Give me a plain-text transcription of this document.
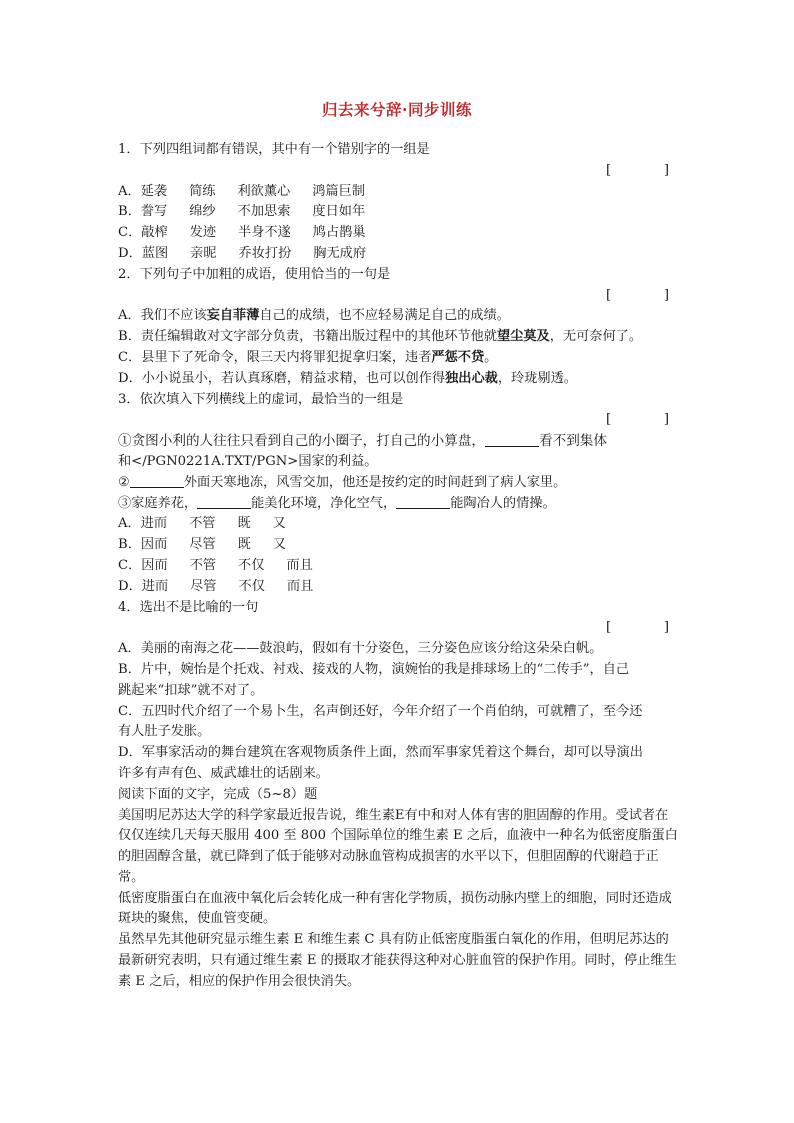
归去来兮辞·同步训练
1．下列四组词都有错误，其中有一个错别字的一组是
[　　　　]
A．延袭 简练 利欲薰心 鸿篇巨制
B．誊写 绵纱 不加思索 度日如年
C．敲榨 发迹 半身不遂 鸠占鹊巢
D．蓝图 亲昵 乔妆打扮 胸无成府
2．下列句子中加粗的成语，使用恰当的一句是
[　　　　]
A．我们不应该妄自菲薄自己的成绩，也不应轻易满足自己的成绩。
B．责任编辑敢对文字部分负责，书籍出版过程中的其他环节他就望尘莫及，无可奈何了。
C．县里下了死命令，限三天内将罪犯捉拿归案，违者严惩不贷。
D．小小说虽小，若认真琢磨，精益求精，也可以创作得独出心裁，玲珑剔透。
3．依次填入下列横线上的虚词，最恰当的一组是
[　　　　]
①贪图小利的人往往只看到自己的小圈子，打自己的小算盘，	看不到集体
和</PGN0221A.TXT/PGN>国家的利益。
②	外面天寒地冻，风雪交加，他还是按约定的时间赶到了病人家里。
③家庭养花，	能美化环境，净化空气，	能陶冶人的情操。
A．进而 不管 既 又
B．因而 尽管 既 又
C．因而 不管 不仅 而且
D．进而 尽管 不仅 而且
4．选出不是比喻的一句
[　　　　]
A．美丽的南海之花——鼓浪屿，假如有十分姿色，三分姿色应该分给这朵朵白帆。
B．片中，婉怡是个托戏、衬戏、接戏的人物，演婉怡的我是排球场上的“二传手”，自己
跳起来“扣球”就不对了。
C．五四时代介绍了一个易卜生，名声倒还好，今年介绍了一个肖伯纳，可就糟了，至今还
有人肚子发胀。
D．军事家活动的舞台建筑在客观物质条件上面，然而军事家凭着这个舞台，却可以导演出
许多有声有色、威武雄壮的话剧来。
阅读下面的文字，完成（5~8）题
美国明尼苏达大学的科学家最近报告说，维生素E有中和对人体有害的胆固醇的作用。受试者在仅仅连续几天每天服用 400 至 800 个国际单位的维生素 E 之后，血液中一种名为低密度脂蛋白的胆固醇含量，就已降到了低于能够对动脉血管构成损害的水平以下，但胆固醇的代谢趋于正常。
低密度脂蛋白在血液中氧化后会转化成一种有害化学物质，损伤动脉内壁上的细胞，同时还造成斑块的聚焦，使血管变硬。
虽然早先其他研究显示维生素 E 和维生素 C 具有防止低密度脂蛋白氧化的作用，但明尼苏达的最新研究表明，只有通过维生素 E 的摄取才能获得这种对心脏血管的保护作用。同时，停止维生素 E 之后，相应的保护作用会很快消失。
